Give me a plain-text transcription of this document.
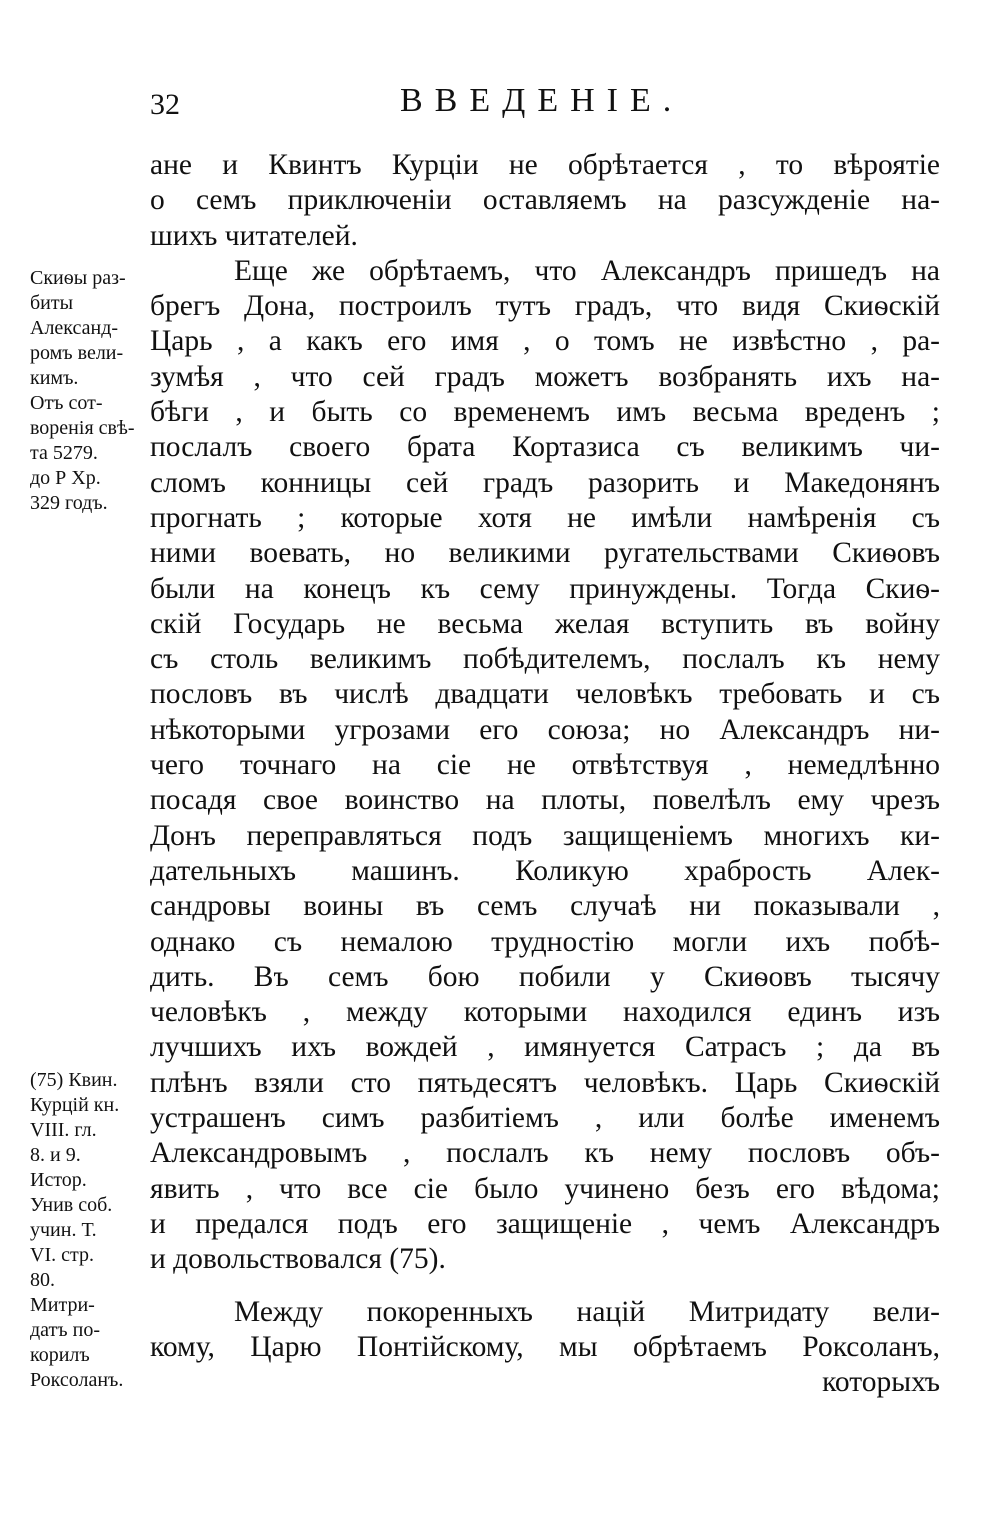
32	ВВЕДЕНІЕ.
Скиѳы раз-
биты
Александ-
ромъ вели-
кимъ.
Отъ сот-
воренія свѣ-
та 5279.
до Р Хр.
329 годъ.
(75) Квин.
Курцій кн.
VIII. гл.
8. и 9.
Истор.
Унив соб.
учин. Т.
VI. стр.
80.
Митри-
датъ по-
корилъ
Роксоланъ.
ане и Квинтъ Курціи не обрѣтается , то вѣроятіе
о семъ приключеніи оставляемъ на разсужденіе на-
шихъ читателей.
Еще же обрѣтаемъ, что Александръ пришедъ на
брегъ Дона, построилъ тутъ градъ, что видя Скиѳскій
Царь , а какъ его имя , о томъ не извѣстно , ра-
зумѣя , что сей градъ можетъ возбранять ихъ на-
бѣги , и быть со временемъ имъ весьма вреденъ ;
послалъ своего брата Кортазиса съ великимъ чи-
сломъ конницы сей градъ разорить и Македонянъ
прогнать ; которые хотя не имѣли намѣренія съ
ними воевать, но великими ругательствами Скиѳовъ
были на конецъ къ сему принуждены. Тогда Скиѳ-
скій Государь не весьма желая вступить въ войну
съ столь великимъ побѣдителемъ, послалъ къ нему
пословъ въ числѣ двадцати человѣкъ требовать и съ
нѣкоторыми угрозами его союза; но Александръ ни-
чего точнаго на сіе не отвѣтствуя , немедлѣнно
посадя свое воинство на плоты, повелѣлъ ему чрезъ
Донъ переправляться подъ защищеніемъ многихъ ки-
дательныхъ машинъ. Коликую храбрость Алек-
сандровы воины въ семъ случаѣ ни показывали ,
однако съ немалою трудностію могли ихъ побѣ-
дить. Въ семъ бою побили у Скиѳовъ тысячу
человѣкъ , между которыми находился единъ изъ
лучшихъ ихъ вождей , имянуется Сатрасъ ; да въ
плѣнъ взяли сто пятьдесятъ человѣкъ. Царь Скиѳскій
устрашенъ симъ разбитіемъ , или болѣе именемъ
Александровымъ , послалъ къ нему пословъ объ-
явить , что все сіе было учинено безъ его вѣдома;
и предался подъ его защищеніе , чемъ Александръ
и довольствовался (75).
Между покоренныхъ націй Митридату вели-
кому, Царю Понтійскому, мы обрѣтаемъ Роксоланъ,
которыхъ
